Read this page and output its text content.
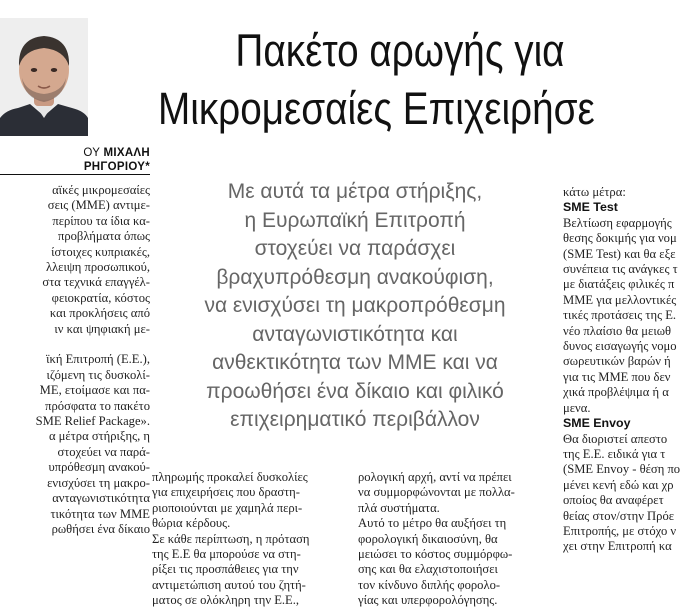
ΟΥ ΜΙΧΑΛΗ
ΡΗΓΟΡΙΟΥ*
Πακέτο αρωγής για
Μικρομεσαίες Επιχειρήσε
αϊκές μικρομεσαίες
σεις (ΜΜΕ) αντιμε-
περίπου τα ίδια κα-
προβλήματα όπως
ίστοιχες κυπριακές,
λλειψη προσωπικού,
στα τεχνικά επαγγέλ-
φειοκρατία, κόστος
και προκλήσεις από
ιν και ψηφιακή με-
ϊκή Επιτροπή (Ε.Ε.),
ιζόμενη τις δυσκολί-
ΜΕ, ετοίμασε και πα-
πρόσφατα το πακέτο
SME Relief Package».
α μέτρα στήριξης, η
στοχεύει να παρά-
υπρόθεσμη ανακού-
ενισχύσει τη μακρο-
ανταγωνιστικότητα
τικότητα των ΜΜΕ
ρωθήσει ένα δίκαιο
Με αυτά τα μέτρα στήριξης,
η Ευρωπαϊκή Επιτροπή
στοχεύει να παράσχει
βραχυπρόθεσμη ανακούφιση,
να ενισχύσει τη μακροπρόθεσμη
ανταγωνιστικότητα και
ανθεκτικότητα των ΜΜΕ και να
προωθήσει ένα δίκαιο και φιλικό
επιχειρηματικό περιβάλλον
πληρωμής προκαλεί δυσκολίες
για επιχειρήσεις που δραστη-
ριοποιούνται με χαμηλά περι-
θώρια κέρδους.
Σε κάθε περίπτωση, η πρόταση
της Ε.Ε θα μπορούσε να στη-
ρίξει τις προσπάθειες για την
αντιμετώπιση αυτού του ζητή-
ματος σε ολόκληρη την Ε.Ε.,
ρολογική αρχή, αντί να πρέπει
να συμμορφώνονται με πολλα-
πλά συστήματα.
Αυτό το μέτρο θα αυξήσει τη
φορολογική δικαιοσύνη, θα
μειώσει το κόστος συμμόρφω-
σης και θα ελαχιστοποιήσει
τον κίνδυνο διπλής φορολο-
γίας και υπερφορολόγησης.
κάτω μέτρα:
SME Test
Βελτίωση εφαρμογής
θεσης δοκιμής για νομ
(SME Test) και θα εξε
συνέπεια τις ανάγκες τ
με διατάξεις φιλικές π
ΜΜΕ για μελλοντικές
τικές προτάσεις της Ε.
νέο πλαίσιο θα μειωθ
δυνος εισαγωγής νομο
σωρευτικών βαρών ή
για τις ΜΜΕ που δεν
χικά προβλέψιμα ή α
μενα.
SME Envoy
Θα διοριστεί απεστο
της Ε.Ε. ειδικά για τ
(SME Envoy - θέση πο
μένει κενή εδώ και χρ
οποίος θα αναφέρετ
θείας στον/στην Πρόε
Επιτροπής, με στόχο ν
χει στην Επιτροπή κα
